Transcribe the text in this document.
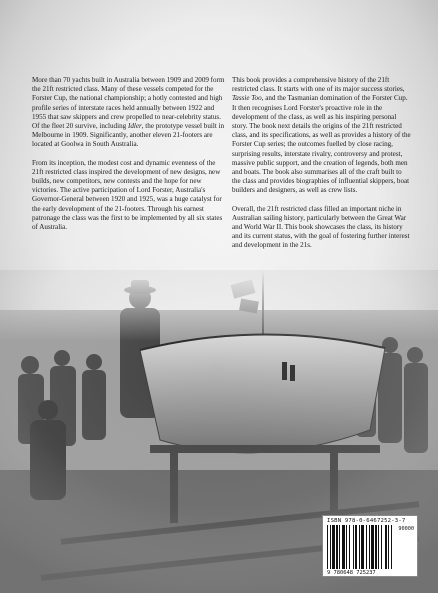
More than 70 yachts built in Australia between 1909 and 2009 form the 21ft restricted class. Many of these vessels competed for the Forster Cup, the national championship; a hotly contested and high profile series of interstate races held annually between 1922 and 1955 that saw skippers and crew propelled to near-celebrity status. Of the fleet 20 survive, including Idler, the prototype vessel built in Melbourne in 1909. Significantly, another eleven 21-footers are located at Goolwa in South Australia.

From its inception, the modest cost and dynamic evenness of the 21ft restricted class inspired the development of new designs, new builds, new competitors, new contests and the hope for new victories. The active participation of Lord Forster, Australia's Governor-General between 1920 and 1925, was a huge catalyst for the early development of the 21-footers. Through his earnest patronage the class was the first to be implemented by all six states of Australia.

This book provides a comprehensive history of the 21ft restricted class. It starts with one of its major success stories, Tassie Too, and the Tasmanian domination of the Forster Cup. It then recognises Lord Forster's proactive role in the development of the class, as well as his inspiring personal story. The book next details the origins of the 21ft restricted class, and its specifications, as well as provides a history of the Forster Cup series; the outcomes fuelled by close racing, surprising results, interstate rivalry, controversy and protest, massive public support, and the creation of legends, both men and boats. The book also summarises all of the craft built to the class and provides biographies of influential skippers, boat builders and designers, as well as crew lists.

Overall, the 21ft restricted class filled an important niche in Australian sailing history, particularly between the Great War and World War II. This book showcases the class, its history and its current status, with the goal of fostering further interest and development in the 21s.

ISBN 978-0-6467252-3-7
90000
9 780648 725237
